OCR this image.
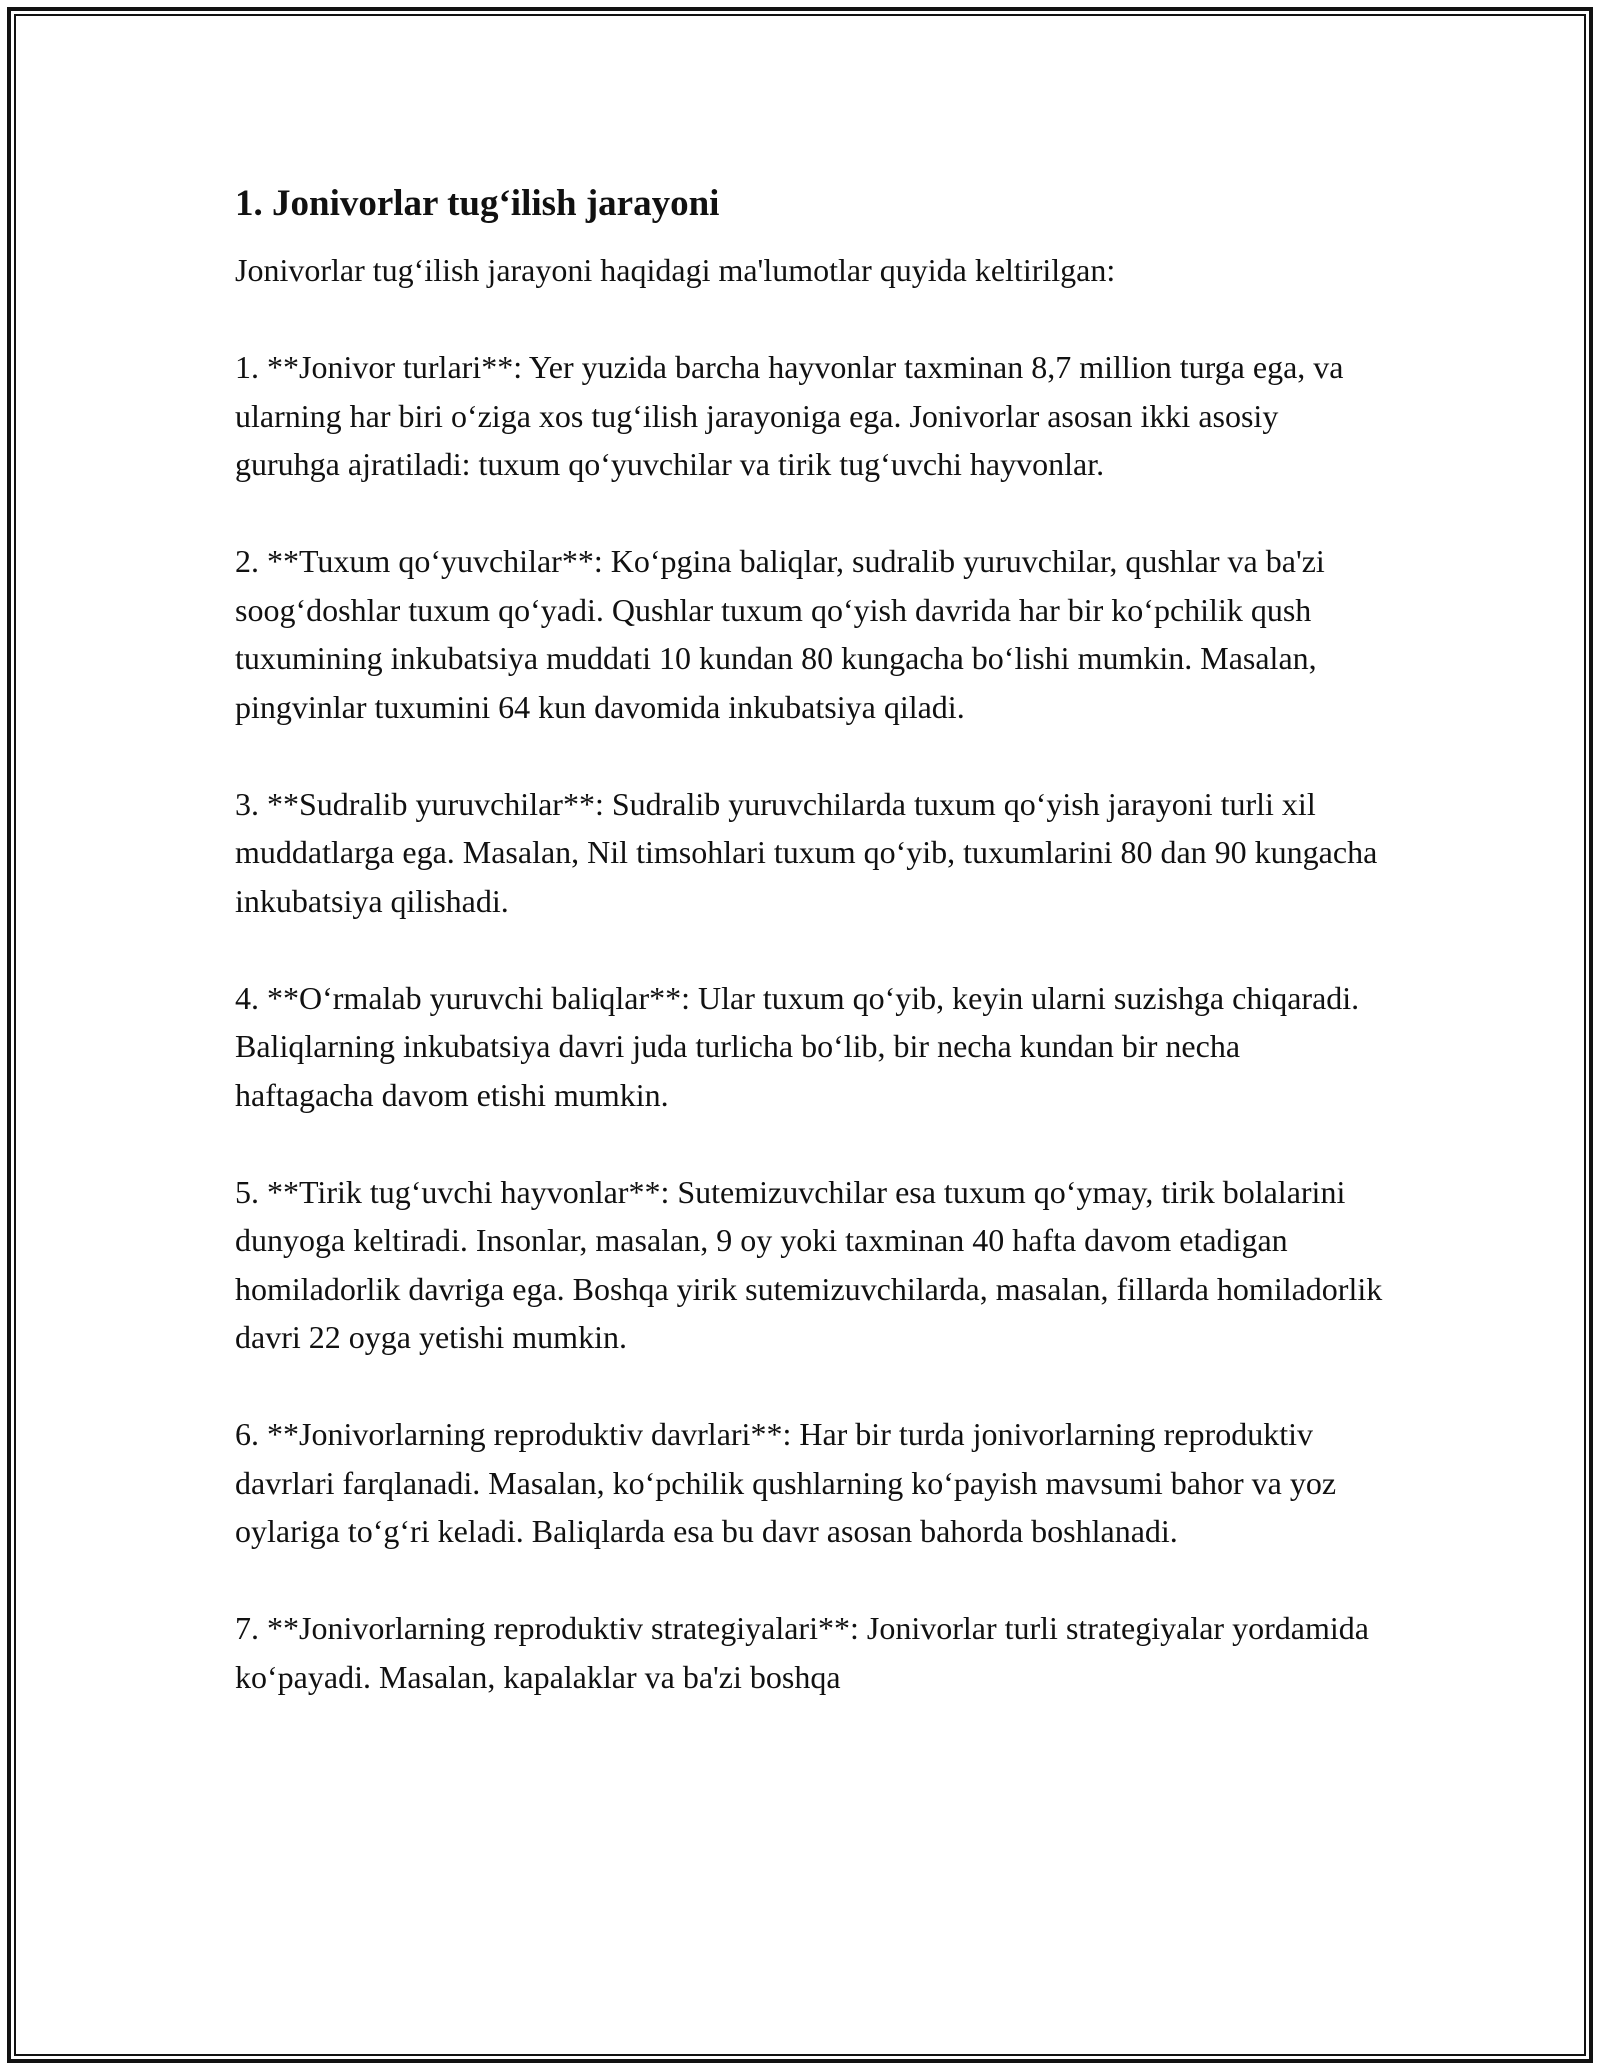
1. Jonivorlar tug‘ilish jarayoni

Jonivorlar tug‘ilish jarayoni haqidagi ma'lumotlar quyida keltirilgan:

1. **Jonivor turlari**: Yer yuzida barcha hayvonlar taxminan 8,7 million turga ega, va ularning har biri o‘ziga xos tug‘ilish jarayoniga ega. Jonivorlar asosan ikki asosiy guruhga ajratiladi: tuxum qo‘yuvchilar va tirik tug‘uvchi hayvonlar.

2. **Tuxum qo‘yuvchilar**: Ko‘pgina baliqlar, sudralib yuruvchilar, qushlar va ba'zi soog‘doshlar tuxum qo‘yadi. Qushlar tuxum qo‘yish davrida har bir ko‘pchilik qush tuxumining inkubatsiya muddati 10 kundan 80 kungacha bo‘lishi mumkin. Masalan, pingvinlar tuxumini 64 kun davomida inkubatsiya qiladi.

3. **Sudralib yuruvchilar**: Sudralib yuruvchilarda tuxum qo‘yish jarayoni turli xil muddatlarga ega. Masalan, Nil timsohlari tuxum qo‘yib, tuxumlarini 80 dan 90 kungacha inkubatsiya qilishadi.

4. **O‘rmalab yuruvchi baliqlar**: Ular tuxum qo‘yib, keyin ularni suzishga chiqaradi. Baliqlarning inkubatsiya davri juda turlicha bo‘lib, bir necha kundan bir necha haftagacha davom etishi mumkin.

5. **Tirik tug‘uvchi hayvonlar**: Sutemizuvchilar esa tuxum qo‘ymay, tirik bolalarini dunyoga keltiradi. Insonlar, masalan, 9 oy yoki taxminan 40 hafta davom etadigan homiladorlik davriga ega. Boshqa yirik sutemizuvchilarda, masalan, fillarda homiladorlik davri 22 oyga yetishi mumkin.

6. **Jonivorlarning reproduktiv davrlari**: Har bir turda jonivorlarning reproduktiv davrlari farqlanadi. Masalan, ko‘pchilik qushlarning ko‘payish mavsumi bahor va yoz oylariga to‘g‘ri keladi. Baliqlarda esa bu davr asosan bahorda boshlanadi.

7. **Jonivorlarning reproduktiv strategiyalari**: Jonivorlar turli strategiyalar yordamida ko‘payadi. Masalan, kapalaklar va ba'zi boshqa
